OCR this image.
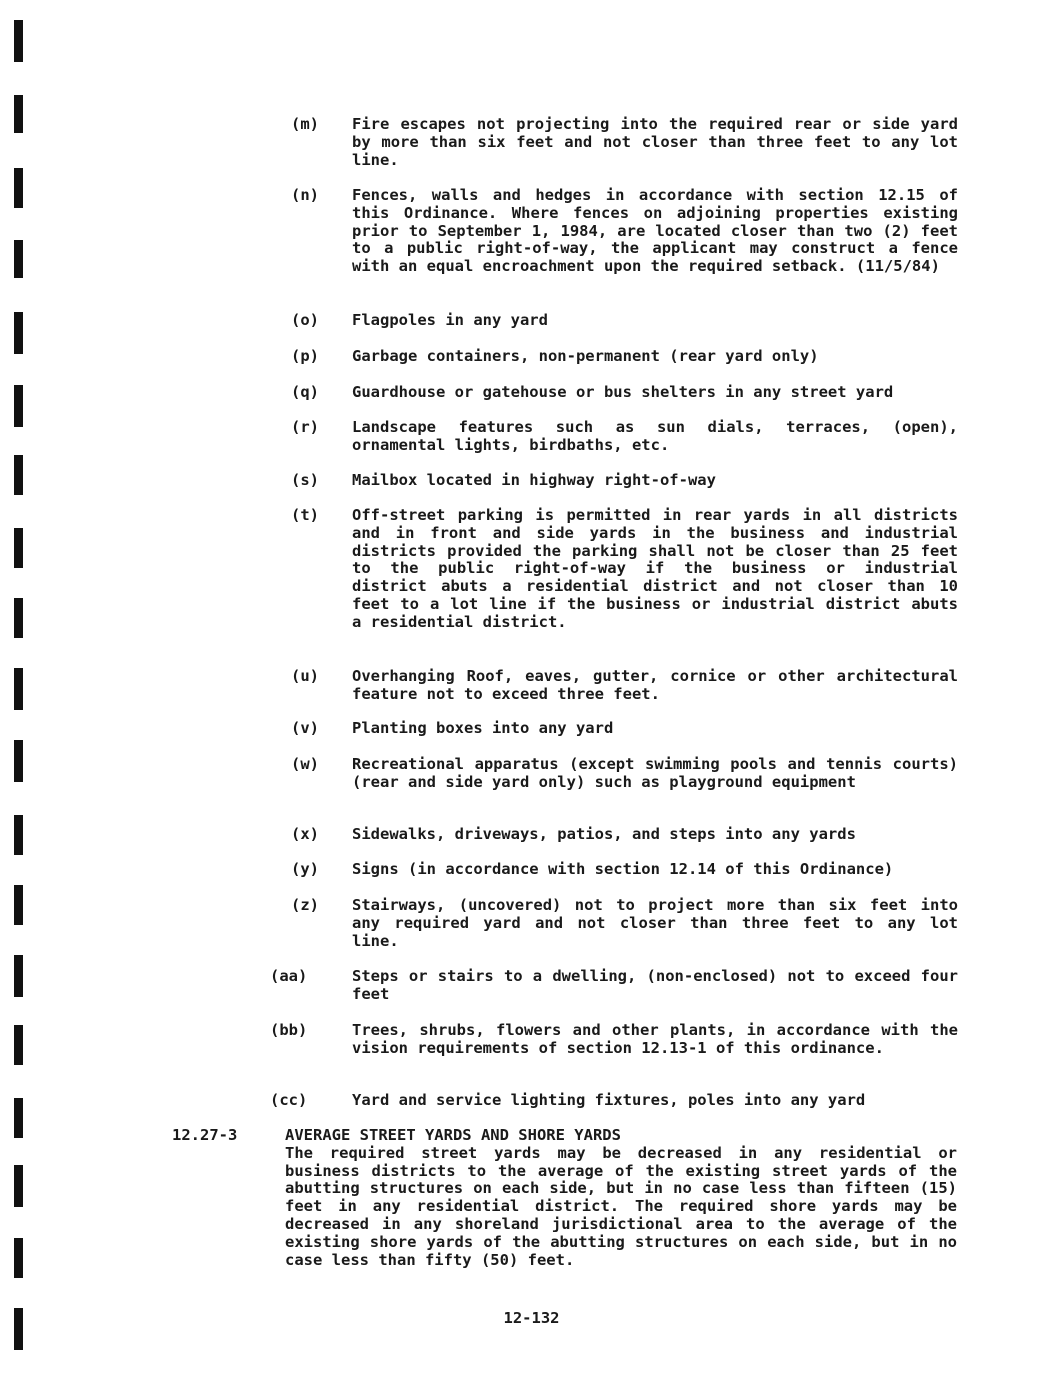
(m) Fire escapes not projecting into the required rear or side yard by more than six feet and not closer than three feet to any lot line.
(n) Fences, walls and hedges in accordance with section 12.15 of this Ordinance. Where fences on adjoining properties existing prior to September 1, 1984, are located closer than two (2) feet to a public right-of-way, the applicant may construct a fence with an equal encroachment upon the required setback. (11/5/84)
(o) Flagpoles in any yard
(p) Garbage containers, non-permanent (rear yard only)
(q) Guardhouse or gatehouse or bus shelters in any street yard
(r) Landscape features such as sun dials, terraces, (open), ornamental lights, birdbaths, etc.
(s) Mailbox located in highway right-of-way
(t) Off-street parking is permitted in rear yards in all districts and in front and side yards in the business and industrial districts provided the parking shall not be closer than 25 feet to the public right-of-way if the business or industrial district abuts a residential district and not closer than 10 feet to a lot line if the business or industrial district abuts a residential district.
(u) Overhanging Roof, eaves, gutter, cornice or other architectural feature not to exceed three feet.
(v) Planting boxes into any yard
(w) Recreational apparatus (except swimming pools and tennis courts) (rear and side yard only) such as playground equipment
(x) Sidewalks, driveways, patios, and steps into any yards
(y) Signs (in accordance with section 12.14 of this Ordinance)
(z) Stairways, (uncovered) not to project more than six feet into any required yard and not closer than three feet to any lot line.
(aa)	Steps or stairs to a dwelling, (non-enclosed) not to exceed four feet
(bb)	Trees, shrubs, flowers and other plants, in accordance with the vision requirements of section 12.13-1 of this ordinance.
(cc)	Yard and service lighting fixtures, poles into any yard
12.27-3	AVERAGE STREET YARDS AND SHORE YARDS
The required street yards may be decreased in any residential or business districts to the average of the existing street yards of the abutting structures on each side, but in no case less than fifteen (15) feet in any residential district. The required shore yards may be decreased in any shoreland jurisdictional area to the average of the existing shore yards of the abutting structures on each side, but in no case less than fifty (50) feet.
12-132
